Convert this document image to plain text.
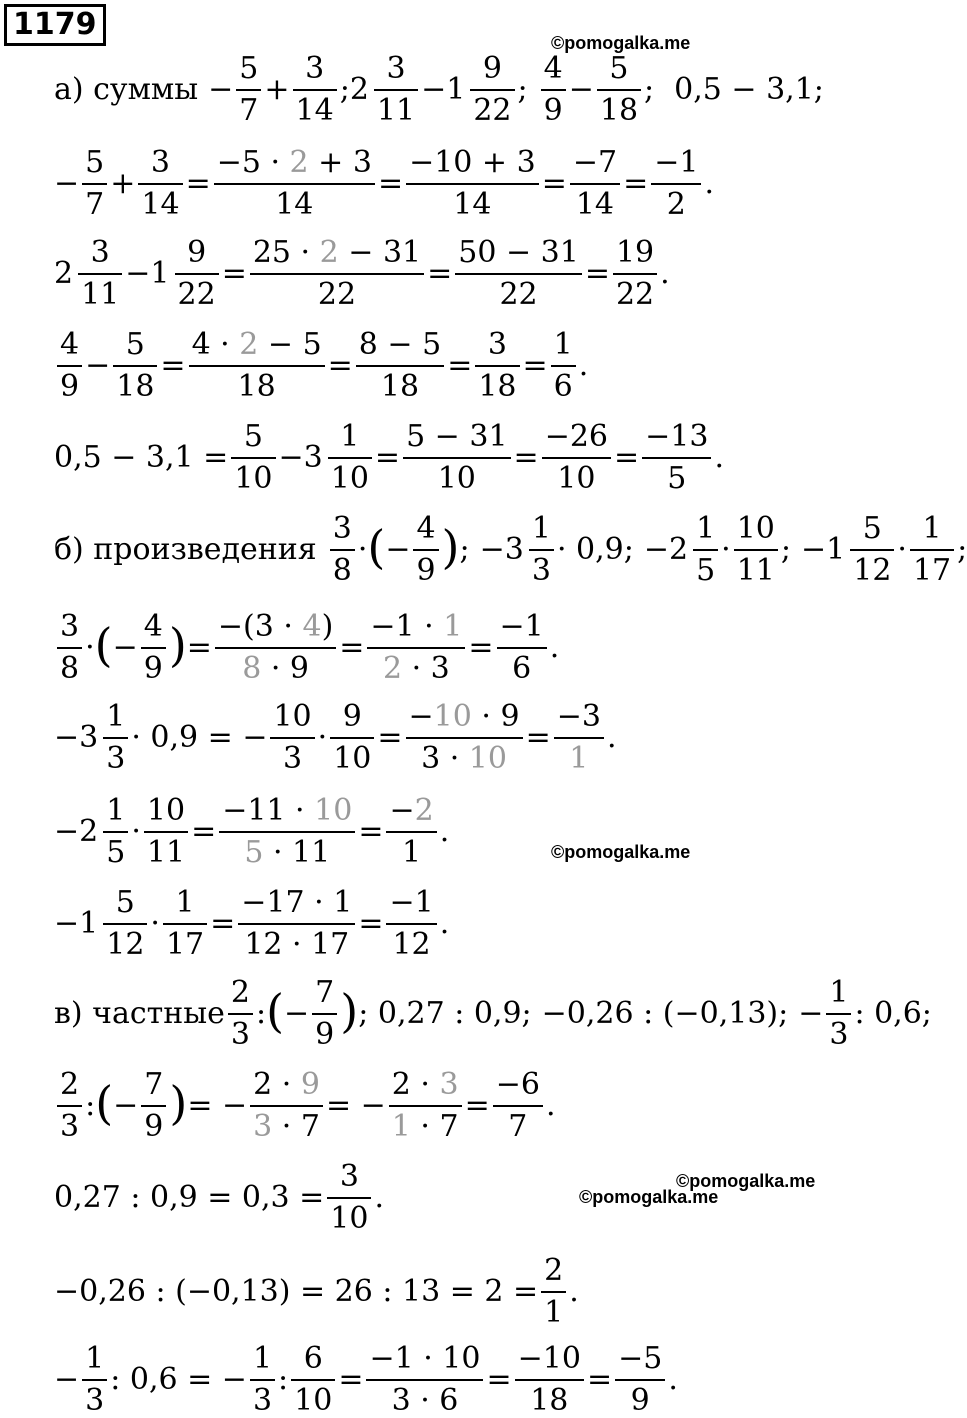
1179
©pomogalka.me
©pomogalka.me
©pomogalka.me
©pomogalka.me
а) суммы −
5
7
+
3
14
; 2
3
11
− 1
9
22
;
4
9
−
5
18
; 0,5 − 3,1;
−
5
7
+
3
14
=
−5 · 2 + 3
14
=
−10 + 3
14
=
−7
14
=
−1
2
.
2
3
11
− 1
9
22
=
25 · 2 − 31
22
=
50 − 31
22
=
19
22
.
4
9
−
5
18
=
4 · 2 − 5
18
=
8 − 5
18
=
3
18
=
1
6
.
0,5 − 3,1 =
5
10
− 3
1
10
=
5 − 31
10
=
−26
10
=
−13
5
.
б) произведения
3
8
· ( −
4
9 ) ; −3
1
3
· 0,9; −2
1
5
·
10
11
; −1
5
12
·
1
17
;
3
8
· ( −
4
9 ) =
−(3 · 4)
8 · 9
=
−1 · 1
2 · 3
=
−1
6
.
−3
1
3
· 0,9 = −
10
3
·
9
10
=
−10 · 9
3 · 10
=
−3
1
.
−2
1
5
·
10
11
=
−11 · 10
5 · 11
=
−2
1
.
−1
5
12
·
1
17
=
−17 · 1
12 · 17
=
−1
12
.
в) частные
2
3
: ( −
7
9 ) ; 0,27 : 0,9; −0,26 : (−0,13); −
1
3
: 0,6;
2
3
: ( −
7
9 ) = −
2 · 9
3 · 7
= −
2 · 3
1 · 7
=
−6
7
.
0,27 : 0,9 = 0,3 =
3
10
.
−0,26 : (−0,13) = 26 : 13 = 2 =
2
1
.
−
1
3
: 0,6 = −
1
3
:
6
10
=
−1 · 10
3 · 6
=
−10
18
=
−5
9
.
